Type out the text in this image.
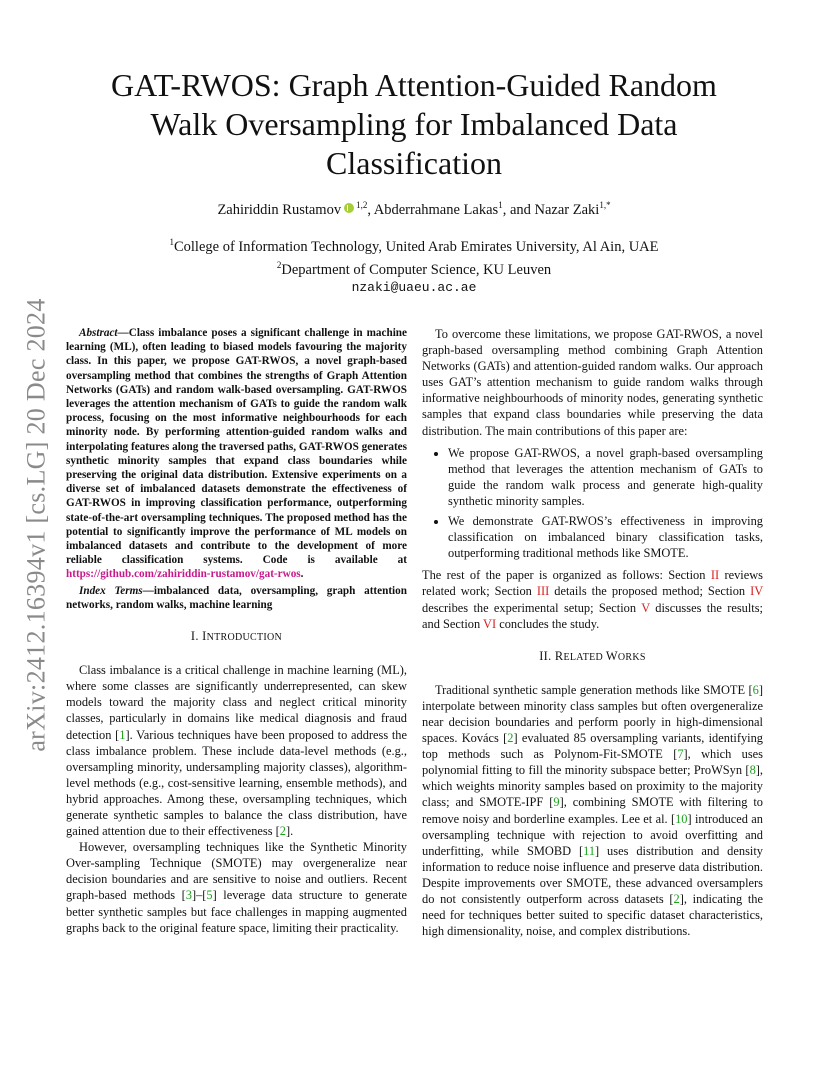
arXiv:2412.16394v1 [cs.LG] 20 Dec 2024
GAT-RWOS: Graph Attention-Guided Random Walk Oversampling for Imbalanced Data Classification
Zahiriddin Rustamov $^{1,2}$, Abderrahmane Lakas$^1$, and Nazar Zaki$^{1,*}$
$^1$College of Information Technology, United Arab Emirates University, Al Ain, UAE
$^2$Department of Computer Science, KU Leuven
nzaki@uaeu.ac.ae

Abstract—Class imbalance poses a significant challenge in machine learning (ML), often leading to biased models favouring the majority class. In this paper, we propose GAT-RWOS, a novel graph-based oversampling method that combines the strengths of Graph Attention Networks (GATs) and random walk-based oversampling. GAT-RWOS leverages the attention mechanism of GATs to guide the random walk process, focusing on the most informative neighbourhoods for each minority node. By performing attention-guided random walks and interpolating features along the traversed paths, GAT-RWOS generates synthetic minority samples that expand class boundaries while preserving the original data distribution. Extensive experiments on a diverse set of imbalanced datasets demonstrate the effectiveness of GAT-RWOS in improving classification performance, outperforming state-of-the-art oversampling techniques. The proposed method has the potential to significantly improve the performance of ML models on imbalanced datasets and contribute to the development of more reliable classification systems. Code is available at https://github.com/zahiriddin-rustamov/gat-rwos.

Index Terms—imbalanced data, oversampling, graph attention networks, random walks, machine learning

I. INTRODUCTION

Class imbalance is a critical challenge in machine learning (ML), where some classes are significantly underrepresented, can skew models toward the majority class and neglect critical minority classes, particularly in domains like medical diagnosis and fraud detection [1]. Various techniques have been proposed to address the class imbalance problem. These include data-level methods (e.g., oversampling minority, undersampling majority classes), algorithm-level methods (e.g., cost-sensitive learning, ensemble methods), and hybrid approaches. Among these, oversampling techniques, which generate synthetic samples to balance the class distribution, have gained attention due to their effectiveness [2].

However, oversampling techniques like the Synthetic Minority Over-sampling Technique (SMOTE) may overgeneralize near decision boundaries and are sensitive to noise and outliers. Recent graph-based methods [3]–[5] leverage data structure to generate better synthetic samples but face challenges in mapping augmented graphs back to the original feature space, limiting their practicality.

To overcome these limitations, we propose GAT-RWOS, a novel graph-based oversampling method combining Graph Attention Networks (GATs) and attention-guided random walks. Our approach uses GAT’s attention mechanism to guide random walks through informative neighbourhoods of minority nodes, generating synthetic samples that expand class boundaries while preserving the data distribution. The main contributions of this paper are:

• We propose GAT-RWOS, a novel graph-based oversampling method that leverages the attention mechanism of GATs to guide the random walk process and generate high-quality synthetic minority samples.
• We demonstrate GAT-RWOS’s effectiveness in improving classification on imbalanced binary classification tasks, outperforming traditional methods like SMOTE.

The rest of the paper is organized as follows: Section II reviews related work; Section III details the proposed method; Section IV describes the experimental setup; Section V discusses the results; and Section VI concludes the study.

II. RELATED WORKS

Traditional synthetic sample generation methods like SMOTE [6] interpolate between minority class samples but often overgeneralize near decision boundaries and perform poorly in high-dimensional spaces. Kovács [2] evaluated 85 oversampling variants, identifying top methods such as Polynom-Fit-SMOTE [7], which uses polynomial fitting to fill the minority subspace better; ProWSyn [8], which weights minority samples based on proximity to the majority class; and SMOTE-IPF [9], combining SMOTE with filtering to remove noisy and borderline examples. Lee et al. [10] introduced an oversampling technique with rejection to avoid overfitting and underfitting, while SMOBD [11] uses distribution and density information to reduce noise influence and preserve data distribution. Despite improvements over SMOTE, these advanced oversamplers do not consistently outperform across datasets [2], indicating the need for techniques better suited to specific dataset characteristics, high dimensionality, noise, and complex distributions.
